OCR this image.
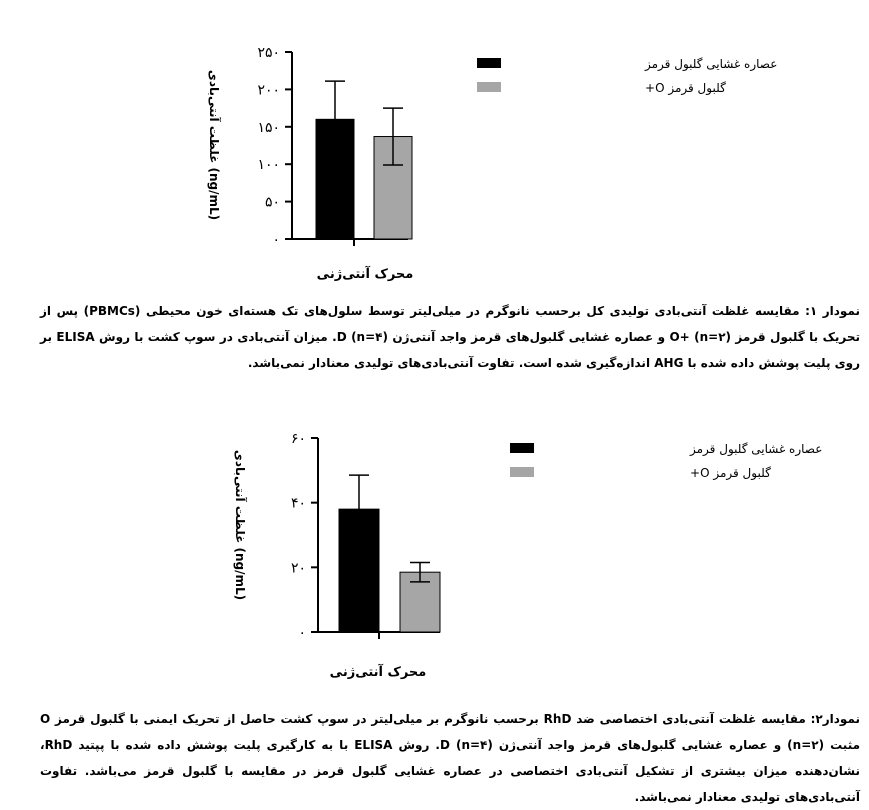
۰
۵۰
۱۰۰
۱۵۰
۲۰۰
۲۵۰
محرک آنتی‌ژنی
غلظت آنتی‌بادی (ng/mL)
عصاره غشایی گلبول قرمز
گلبول قرمز O+
نمودار ۱: مقایسه غلظت آنتی‌بادی تولیدی کل برحسب نانوگرم در میلی‌لیتر توسط سلول‌های تک هسته‌ای خون محیطی (PBMCs) پس از تحریک با گلبول قرمز O+ (n=۲) و عصاره غشایی گلبول‌های قرمز واجد آنتی‌ژن D (n=۴). میزان آنتی‌بادی در سوپ کشت با روش ELISA بر روی پلیت پوشش داده شده با AHG اندازه‌گیری شده است. تفاوت آنتی‌بادی‌های تولیدی معنادار نمی‌باشد.
۰
۲۰
۴۰
۶۰
محرک آنتی‌ژنی
غلظت آنتی‌بادی (ng/mL)
عصاره غشایی گلبول قرمز
گلبول قرمز O+
نمودار۲: مقایسه غلظت آنتی‌بادی اختصاصی ضد RhD برحسب نانوگرم بر میلی‌لیتر در سوپ کشت حاصل از تحریک ایمنی با گلبول قرمز O مثبت (n=۲) و عصاره غشایی گلبول‌های قرمز واجد آنتی‌ژن D (n=۴). روش ELISA با به کارگیری پلیت پوشش داده شده با پپتید RhD، نشان‌دهنده میزان بیشتری از تشکیل آنتی‌بادی اختصاصی در عصاره غشایی گلبول قرمز در مقایسه با گلبول قرمز می‌باشد. تفاوت آنتی‌بادی‌های تولیدی معنادار نمی‌باشد.
